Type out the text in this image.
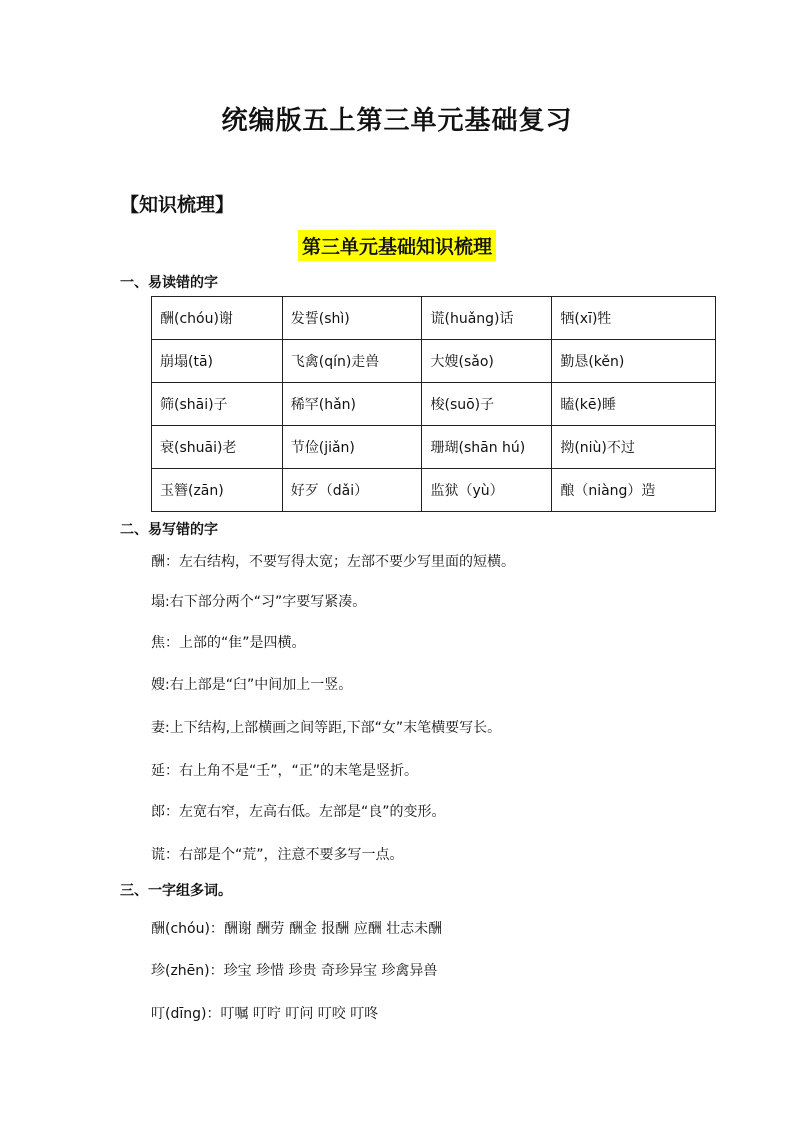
统编版五上第三单元基础复习
【知识梳理】
第三单元基础知识梳理
一、易读错的字
酬(chóu)谢	发誓(shì)	谎(huǎng)话	牺(xī)牲
崩塌(tā)	飞禽(qín)走兽	大嫂(sǎo)	勤恳(kěn)
筛(shāi)子	稀罕(hǎn)	梭(suō)子	瞌(kē)睡
衰(shuāi)老	节俭(jiǎn)	珊瑚(shān hú)	拗(niù)不过
玉簪(zān)	好歹（dǎi）	监狱（yù）	酿（niàng）造
二、易写错的字
酬：左右结构，不要写得太宽；左部不要少写里面的短横。
塌:右下部分两个“习”字要写紧凑。
焦：上部的“隹”是四横。
嫂:右上部是“臼”中间加上一竖。
妻:上下结构,上部横画之间等距,下部“女”末笔横要写长。
延：右上角不是“壬”，“正”的末笔是竖折。
郎：左宽右窄，左高右低。左部是“良”的变形。
谎：右部是个“荒”，注意不要多写一点。
三、一字组多词。
酬(chóu)：酬谢 酬劳 酬金 报酬 应酬 壮志未酬
珍(zhēn)：珍宝 珍惜 珍贵 奇珍异宝 珍禽异兽
叮(dīng)：叮嘱 叮咛 叮问 叮咬 叮咚
